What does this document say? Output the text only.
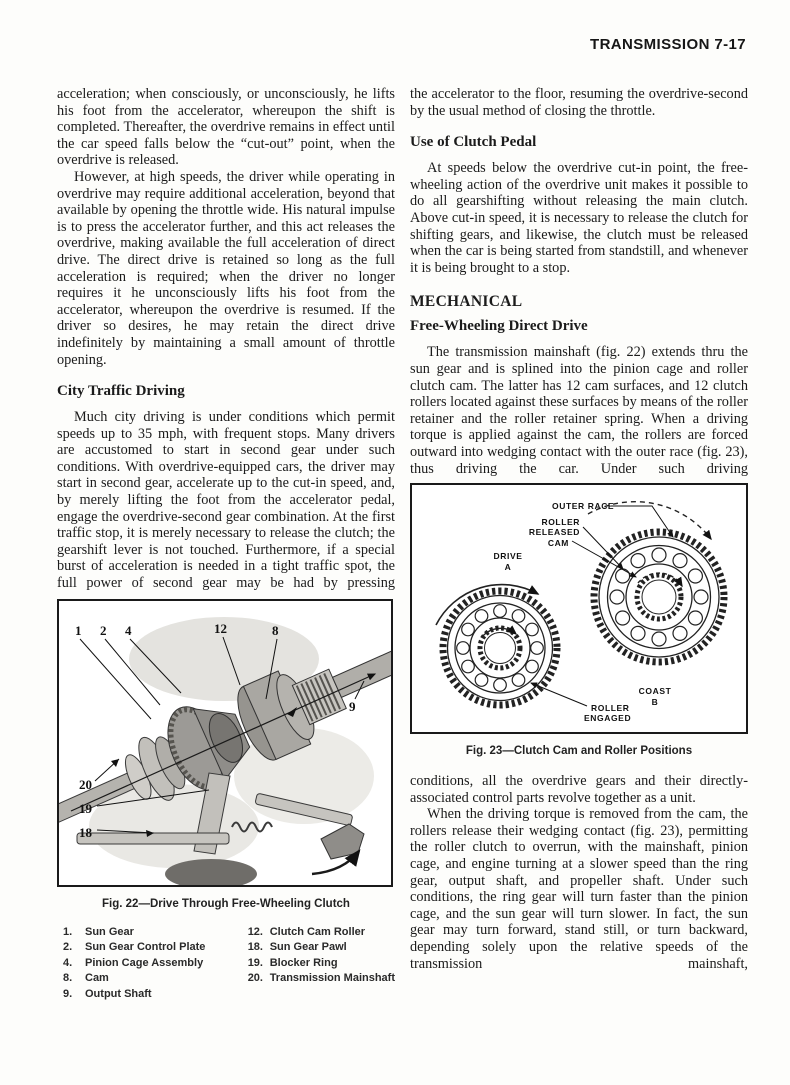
TRANSMISSION 7-17

acceleration; when consciously, or unconsciously, he lifts his foot from the accelerator, whereupon the shift is completed. Thereafter, the overdrive remains in effect until the car speed falls below the “cut-out” point, when the overdrive is released.

However, at high speeds, the driver while operating in overdrive may require additional acceleration, beyond that available by opening the throttle wide. His natural impulse is to press the accelerator further, and this act releases the overdrive, making available the full acceleration of direct drive. The direct drive is retained so long as the full acceleration is required; when the driver no longer requires it he unconsciously lifts his foot from the accelerator, whereupon the overdrive is resumed. If the driver so desires, he may retain the direct drive indefinitely by maintaining a small amount of throttle opening.

City Traffic Driving

Much city driving is under conditions which permit speeds up to 35 mph, with frequent stops. Many drivers are accustomed to start in second gear under such conditions. With overdrive-equipped cars, the driver may start in second gear, accelerate up to the cut-in speed, and, by merely lifting the foot from the accelerator pedal, engage the overdrive-second gear combination. At the first traffic stop, it is merely necessary to release the clutch; the gearshift lever is not touched. Furthermore, if a special burst of acceleration is needed in a tight traffic spot, the full power of second gear may be had by pressing

1 2 4	12	8
9
20
19
18

Fig. 22—Drive Through Free-Wheeling Clutch

1. Sun Gear
2. Sun Gear Control Plate
4. Pinion Cage Assembly
8. Cam
9. Output Shaft
12. Clutch Cam Roller
18. Sun Gear Pawl
19. Blocker Ring
20. Transmission Mainshaft

the accelerator to the floor, resuming the overdrive-second by the usual method of closing the throttle.

Use of Clutch Pedal

At speeds below the overdrive cut-in point, the free-wheeling action of the overdrive unit makes it possible to do all gearshifting without releasing the main clutch. Above cut-in speed, it is necessary to release the clutch for shifting gears, and likewise, the clutch must be released when the car is being started from standstill, and whenever it is being brought to a stop.

MECHANICAL
Free-Wheeling Direct Drive

The transmission mainshaft (fig. 22) extends thru the sun gear and is splined into the pinion cage and roller clutch cam. The latter has 12 cam surfaces, and 12 clutch rollers located against these surfaces by means of the roller retainer and the roller retainer spring. When a driving torque is applied against the cam, the rollers are forced outward into wedging contact with the outer race (fig. 23), thus driving the car. Under such driving

OUTER RACE
ROLLER
RELEASED
CAM
DRIVE
A
COAST
B
ROLLER
ENGAGED

Fig. 23—Clutch Cam and Roller Positions

conditions, all the overdrive gears and their directly-associated control parts revolve together as a unit.

When the driving torque is removed from the cam, the rollers release their wedging contact (fig. 23), permitting the roller clutch to overrun, with the mainshaft, pinion cage, and engine turning at a slower speed than the ring gear, output shaft, and propeller shaft. Under such conditions, the ring gear will turn faster than the pinion cage, and the sun gear will turn slower. In fact, the sun gear may turn forward, stand still, or turn backward, depending solely upon the relative speeds of the transmission mainshaft,
